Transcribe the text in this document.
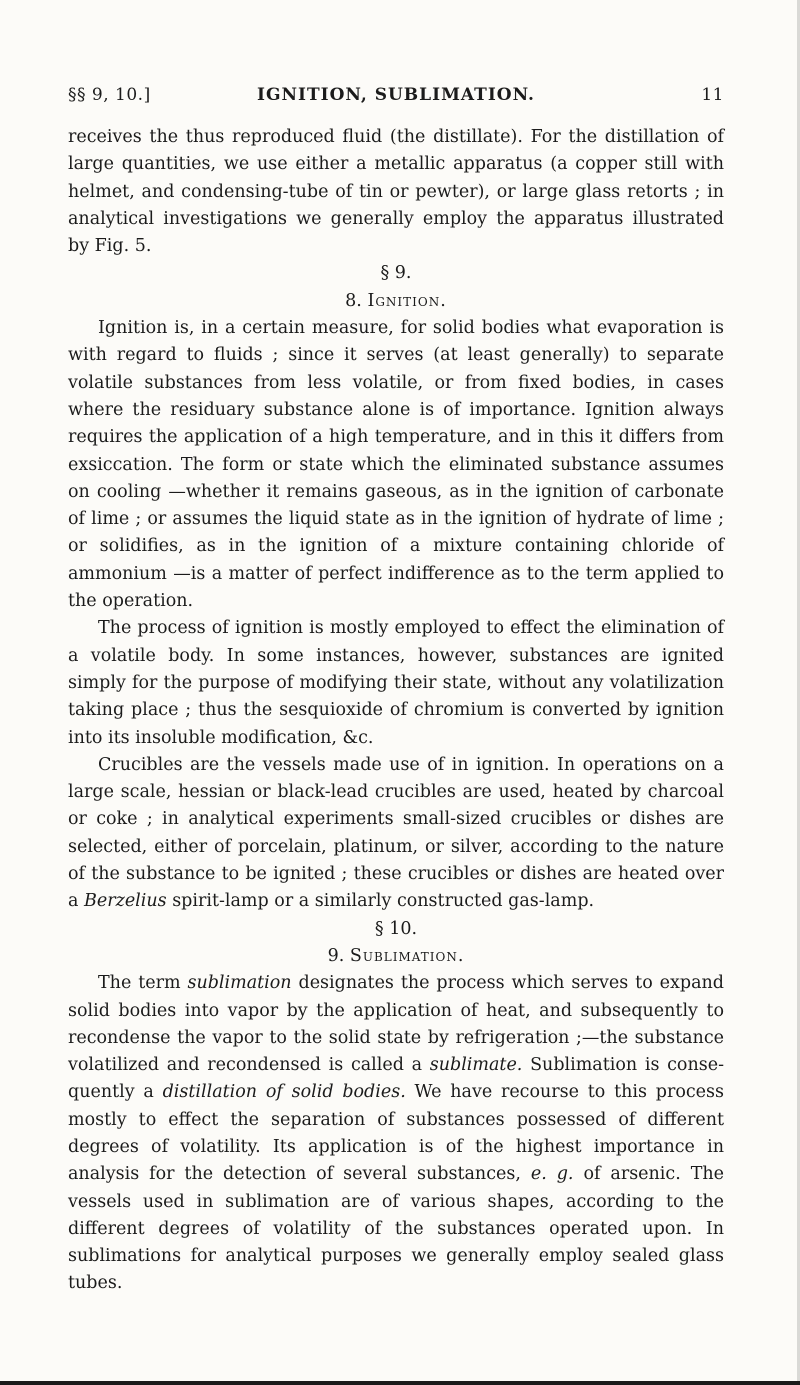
§§ 9, 10.]	IGNITION, SUBLIMATION.	11

receives the thus reproduced fluid (the distillate). For the distillation of large quantities, we use either a metallic apparatus (a copper still with helmet, and condensing-tube of tin or pewter), or large glass retorts ; in analytical investigations we generally employ the apparatus illustrated by Fig. 5.

§ 9.

8. Ignition.

Ignition is, in a certain measure, for solid bodies what evaporation is with regard to fluids ; since it serves (at least generally) to separate volatile substances from less volatile, or from fixed bodies, in cases where the residuary substance alone is of importance. Ignition always requires the application of a high temperature, and in this it differs from exsiccation. The form or state which the eliminated substance assumes on cooling —whether it remains gaseous, as in the ignition of carbonate of lime ; or assumes the liquid state as in the ignition of hydrate of lime ; or solidifies, as in the ignition of a mixture containing chloride of ammonium —is a matter of perfect indifference as to the term applied to the operation.

The process of ignition is mostly employed to effect the elimination of a volatile body. In some instances, however, substances are ignited simply for the purpose of modifying their state, without any volatilization taking place ; thus the sesquioxide of chromium is converted by ignition into its insoluble modification, &c.

Crucibles are the vessels made use of in ignition. In operations on a large scale, hessian or black-lead crucibles are used, heated by charcoal or coke ; in analytical experiments small-sized crucibles or dishes are selected, either of porcelain, platinum, or silver, according to the nature of the substance to be ignited ; these crucibles or dishes are heated over a Berzelius spirit-lamp or a similarly constructed gas-lamp.

§ 10.

9. Sublimation.

The term sublimation designates the process which serves to expand solid bodies into vapor by the application of heat, and subsequently to recondense the vapor to the solid state by refrigeration ;—the substance volatilized and recondensed is called a sublimate. Sublimation is consequently a distillation of solid bodies. We have recourse to this process mostly to effect the separation of substances possessed of different degrees of volatility. Its application is of the highest importance in analysis for the detection of several substances, e. g. of arsenic. The vessels used in sublimation are of various shapes, according to the different degrees of volatility of the substances operated upon. In sublimations for analytical purposes we generally employ sealed glass tubes.
